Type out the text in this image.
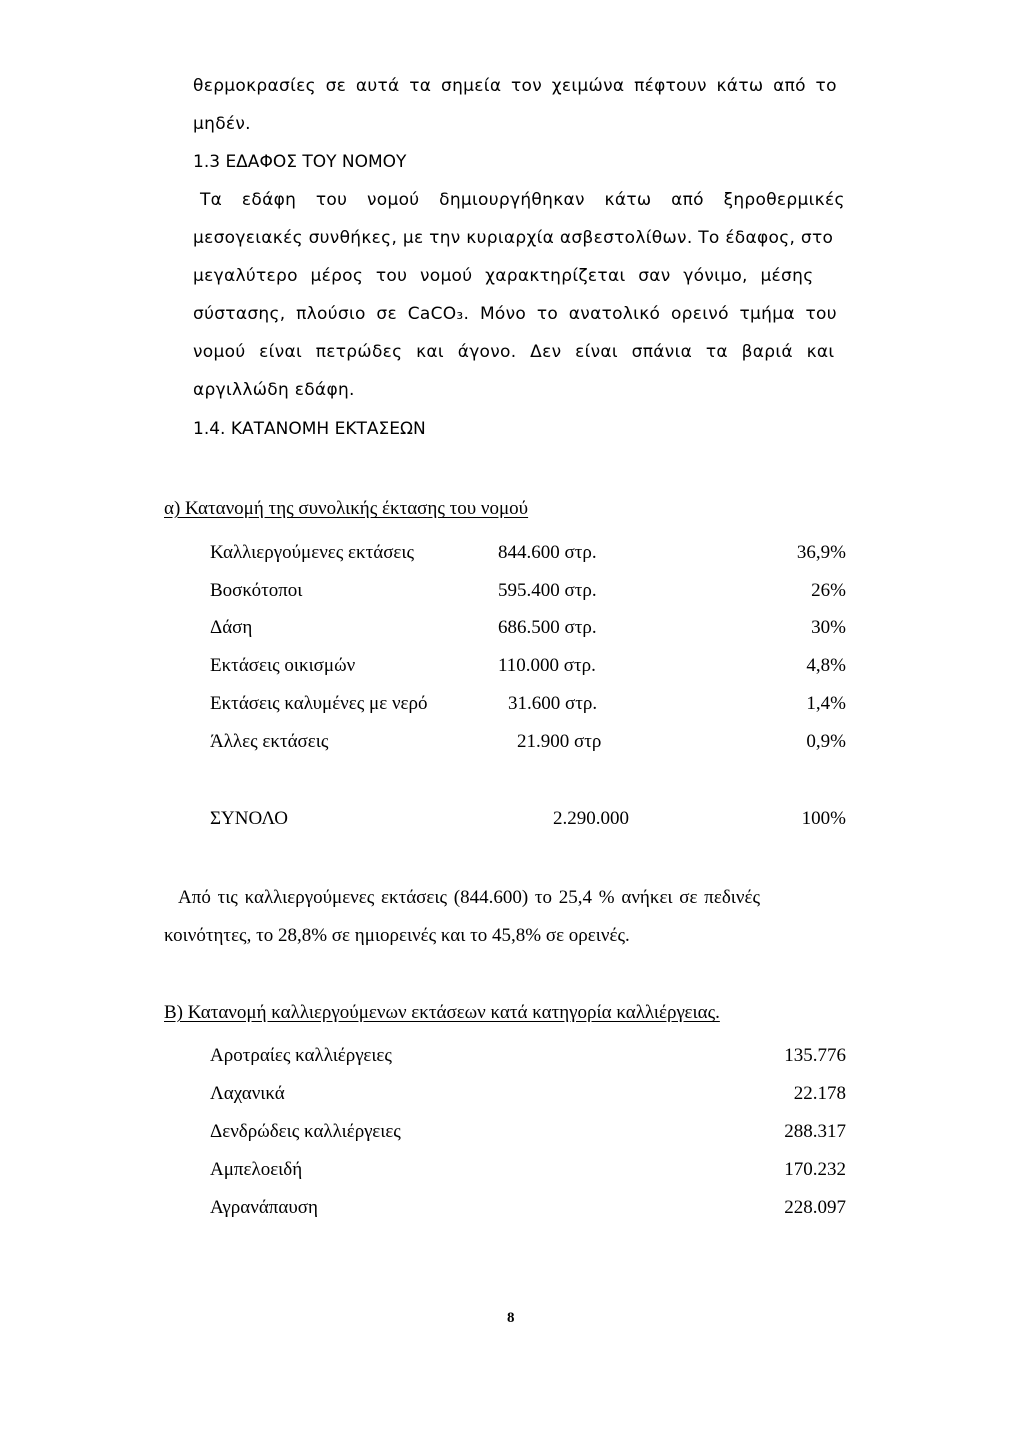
θερμοκρασίες σε αυτά τα σημεία τον χειμώνα πέφτουν κάτω από το
μηδέν.
1.3 ΕΔΑΦΟΣ ΤΟΥ ΝΟΜΟΥ
Τα εδάφη του νομού δημιουργήθηκαν κάτω από ξηροθερμικές
μεσογειακές συνθήκες, με την κυριαρχία ασβεστολίθων. Το έδαφος, στο
μεγαλύτερο μέρος του νομού χαρακτηρίζεται σαν γόνιμο, μέσης
σύστασης, πλούσιο σε CaCO₃. Μόνο το ανατολικό ορεινό τμήμα του
νομού είναι πετρώδες και άγονο. Δεν είναι σπάνια τα βαριά και
αργιλλώδη εδάφη.
1.4. ΚΑΤΑΝΟΜΗ ΕΚΤΑΣΕΩΝ
α) Κατανομή της συνολικής έκτασης του νομού
Καλλιεργούμενες εκτάσεις	844.600 στρ.	36,9%
Βοσκότοποι	595.400 στρ.	26%
Δάση	686.500 στρ.	30%
Εκτάσεις οικισμών	110.000 στρ.	4,8%
Εκτάσεις καλυμένες με νερό	31.600 στρ.	1,4%
Άλλες εκτάσεις	21.900 στρ	0,9%
ΣΥΝΟΛΟ	2.290.000	100%
Από τις καλλιεργούμενες εκτάσεις (844.600) το 25,4 % ανήκει σε πεδινές
κοινότητες, το 28,8% σε ημιορεινές και το 45,8% σε ορεινές.
Β) Κατανομή καλλιεργούμενων εκτάσεων κατά κατηγορία καλλιέργειας.
Αροτραίες καλλιέργειες	135.776
Λαχανικά	22.178
Δενδρώδεις καλλιέργειες	288.317
Αμπελοειδή	170.232
Αγρανάπαυση	228.097
8
